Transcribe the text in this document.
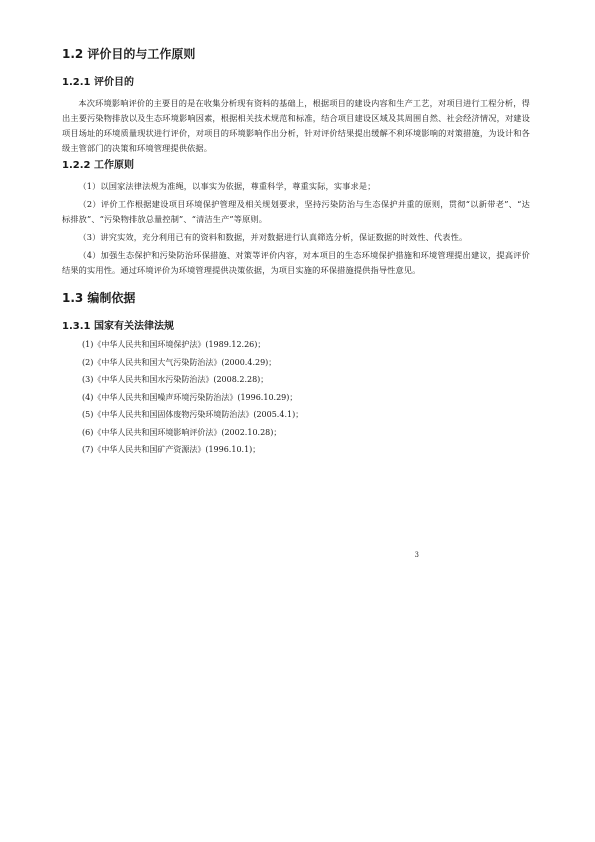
1.2 评价目的与工作原则
1.2.1 评价目的

本次环境影响评价的主要目的是在收集分析现有资料的基础上，根据项目的建设内容和生产工艺，对项目进行工程分析，得出主要污染物排放以及生态环境影响因素，根据相关技术规范和标准，结合项目建设区域及其周围自然、社会经济情况，对建设项目场址的环境质量现状进行评价，对项目的环境影响作出分析，针对评价结果提出缓解不利环境影响的对策措施，为设计和各级主管部门的决策和环境管理提供依据。

1.2.2 工作原则

（1）以国家法律法规为准绳，以事实为依据，尊重科学，尊重实际，实事求是；

（2）评价工作根据建设项目环境保护管理及相关规划要求，坚持污染防治与生态保护并重的原则，贯彻“以新带老”、“达标排放”、“污染物排放总量控制”、“清洁生产”等原则。

（3）讲究实效，充分利用已有的资料和数据，并对数据进行认真筛选分析，保证数据的时效性、代表性。

（4）加强生态保护和污染防治环保措施、对策等评价内容，对本项目的生态环境保护措施和环境管理提出建议，提高评价结果的实用性。通过环境评价为环境管理提供决策依据，为项目实施的环保措施提供指导性意见。

1.3 编制依据
1.3.1 国家有关法律法规
(1)《中华人民共和国环境保护法》(1989.12.26)；
(2)《中华人民共和国大气污染防治法》(2000.4.29)；
(3)《中华人民共和国水污染防治法》(2008.2.28)；
(4)《中华人民共和国噪声环境污染防治法》(1996.10.29)；
(5)《中华人民共和国固体废物污染环境防治法》(2005.4.1)；
(6)《中华人民共和国环境影响评价法》(2002.10.28)；
(7)《中华人民共和国矿产资源法》(1996.10.1)；
3
